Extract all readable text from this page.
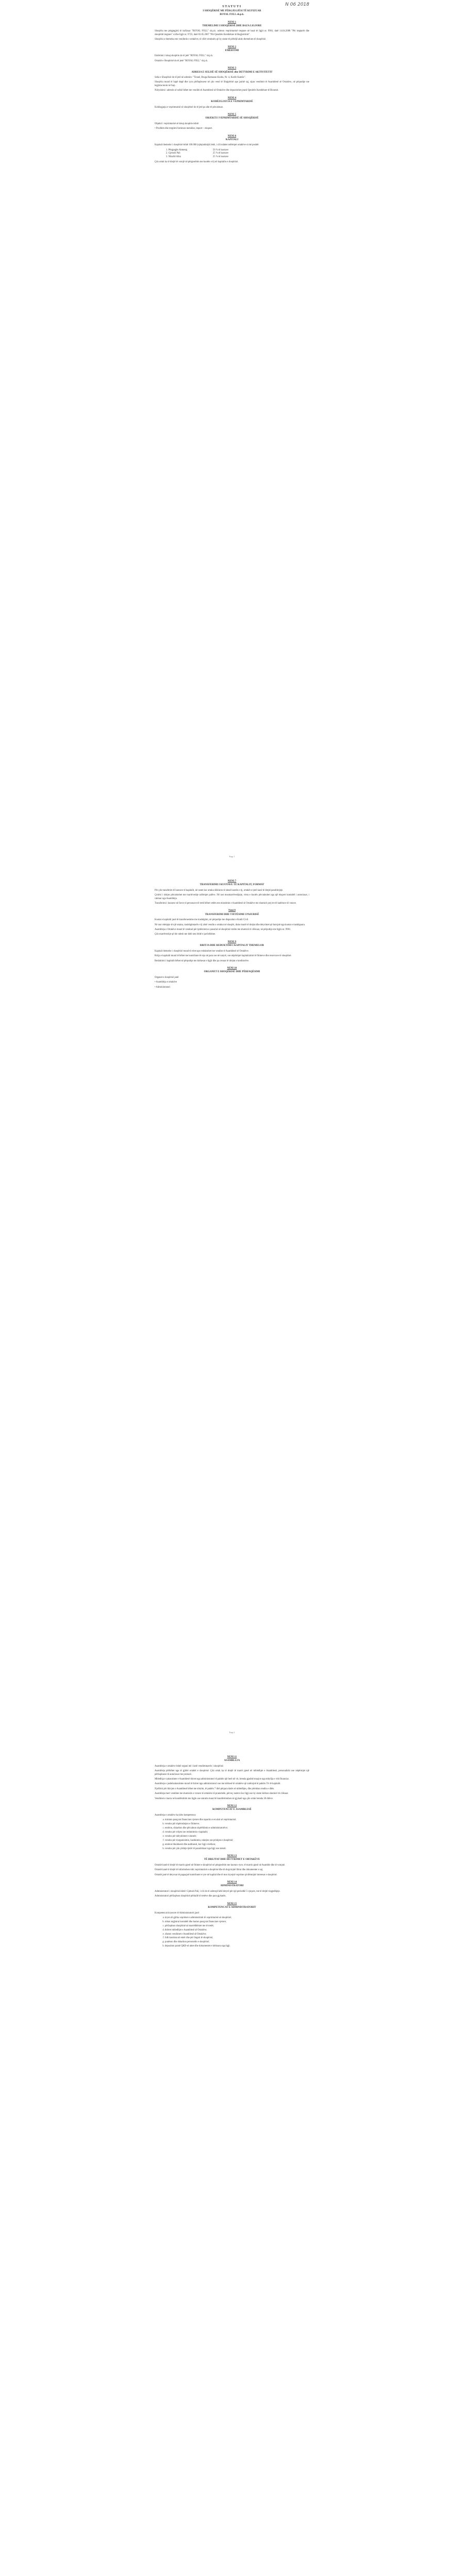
N 06 2018
STATUTI
I SHOQËRISË ME PËRGJEGJËSI TË KUFIZUAR
ROYAL FOLL sh.p.k.
NENI 1
THEMELIMI I SHOQËRISË DHE BAZA LIGJORE

Shoqëria me përgjegjësi të kufizuar "ROYAL FOLL" sh.p.k. ushtron veprimtarinë tregtare në bazë të ligjit nr. 9901, datë 14.04.2008 "Për tregtarët dhe shoqëritë tregtare" si dhe ligjit nr. 9723, datë 03.05.2007 "Për Qendrën Kombëtare të Regjistrimit".

Shoqëria u themelua me vendimin e ortakëve, të cilët vendosën që ky statut të përbëjë aktin themelues të shoqërisë.

NENI 2
EMËRTIMI

Emërtimi i kësaj shoqërie do të jetë "ROYAL FOLL" sh.p.k.

Ortakët e Shoqërisë do të jenë "ROYAL FOLL" sh.p.k.

NENI 3
ADRESA E SELISË SË SHOQËRISË dhe DETYRIMI E AKTIVITETIT

Selia e Shoqërisë do të jetë në adresën: "Tiranë, Rruga Ramazan Kodra, Nr. 4, Kodër Kamëz".

Shoqëria mund të hapë degë dhe zyra përfaqësuese në çdo vend të Shqipërisë apo jashtë saj, sipas vendimit të Asamblesë së Ortakëve, në përputhje me legjislacionin në fuqi.

Ndryshimi i adresës së selisë bëhet me vendim të Asamblesë së Ortakëve dhe depozitohet pranë Qendrës Kombëtare të Biznesit.

NENI 4
KOHËZGJATJA E VEPRIMTARISË

Kohëzgjatja e veprimtarisë së shoqërisë do të jetë pa afat të përcaktuar.

NENI 5
OBJEKTI I VEPRIMTARISË SË SHOQËRISË

Objekti i veprimtarisë së kësaj shoqërie është:

• Prodhim dhe tregtimi furnitura metalike, import – eksport.

NENI 6
KAPITALI

Kapitali themelor i shoqërisë është 100.000 (njëqindmijë) lekë, i cili ndahet ndërmjet ortakëve si më poshtë:

1. Përgjegjës Ahmetaj	50 % të kuotave
2. Gjetush Pali	25 % të kuotave
3. Nikollë Alku	25 % të kuotave

Çdo ortak ka të drejtë të votojë në përpjesëtim me kuotën e tij në kapitalin e shoqërisë.

Faqe 1
NENI 7
TRANSFERIMI I KUOTAVE TË KAPITALIT, FORMAT

Për çdo transferim të kuotave të kapitalit, në rastet kur ortaku dëshiron të shesë kuotën e tij, ortakët e tjerë kanë të drejtë parablerjeje.

Çmimi i shitjes përcaktohet me marrëveshje ndërmjet palëve. Në rast mosmarrëveshjeje, vlera e kuotës përcaktohet nga një ekspert kontabël i autorizuar, i caktuar nga Asambleja.

Transferimi i kuotave në favor të personave të tretë bëhet vetëm me miratimin e Asamblesë së Ortakëve me shumicë prej tre të katërtave të votave.

Neni 8
TRANSFERIMI DHE TJETËSIMI I PASURISË

Kuotat e kapitalit janë të transferueshme me trashëgimi, në përputhje me dispozitat e Kodit Civil.

Në rast vdekjeje të një ortaku, trashëgimtarët e tij zënë vendin e ortakut në shoqëri, duke marrë të drejtat dhe detyrimet që burojnë nga kuotat e trashëguara.

Asambleja e Ortakëve mund të vendosë për tjetërsimin e pasurisë së shoqërisë vetëm me shumicë të cilësuar, në përputhje me ligjin nr. 9901.

Çdo marrëveshje që bie ndesh me këtë nen është e pavlefshme.

NENI 9
RRITJA DHE REDUKTIMI I KAPITALIT THEMELOR

Kapitali themelor i shoqërisë mund të rritet apo reduktohet me vendim të Asamblesë së Ortakëve.

Rritja e kapitalit mund të bëhet me kontribute të reja në para ose në natyrë, ose nëpërmjet kapitalizimit të fitimeve dhe rezervave të shoqërisë.

Reduktimi i kapitalit bëhet në përputhje me kërkesat e ligjit dhe pa cenuar të drejtat e kreditorëve.

NENI 10
ORGANET E SHOQËRISË DHE PËRFAQËSIMI

Organet e shoqërisë janë:

• Asambleja e ortakëve

• Administratori

Faqe 2
NENI 11
ASAMBLEJA

Asambleja e ortakëve është organi më i lartë vendimmarrës i shoqërisë.

Asambleja përbëhet nga të gjithë ortakët e shoqërisë. Çdo ortak ka të drejtë të marrë pjesë në mbledhjet e Asamblesë, personalisht ose nëpërmjet një përfaqësuesi të autorizuar me prokurë.

Mbledhja e zakonshme e Asamblesë thirret nga administratori të paktën një herë në vit, brenda gjashtë muajve nga mbyllja e vitit financiar.

Asambleja e jashtëzakonshme mund të thirret nga administratori ose me kërkesë të ortakëve që zotërojnë të paktën 5% të kapitalit.

Njoftimi për thirrjen e Asamblesë bëhet me shkrim, të paktën 7 ditë përpara datës së mbledhjes, dhe përmban rendin e ditës.

Asambleja merr vendime me shumicën e votave të ortakëve të pranishëm, përveç rasteve kur ligji ose ky statut kërkon shumicë të cilësuar.

Vendimet e marra në kundërshtim me ligjin ose statutin mund të kundërshtohen në gjykatë nga çdo ortak brenda 30 ditëve.

NENI 12
KOMPETENCAT E ASAMBLESË

Asambleja e ortakëve ka këto kompetenca:

a. miraton pasqyrat financiare vjetore dhe raportin e ecurisë së veprimtarisë;
b. vendos për shpërndarjen e fitimeve;
c. emëron, shkarkon dhe përcakton shpërblimin e administratorëve;
d. vendos për rritjen ose reduktimin e kapitalit;
e. vendos për ndryshimet e statutit;
f. vendos për riorganizimin, bashkimin, ndarjen ose prishjen e shoqërisë;
g. emëron likuiduesit dhe audituesit, kur ligji e kërkon;
h. vendos për çdo çështje tjetër të parashikuar nga ligji ose statuti.
NENI 13
TË DREJTAT DHE DETYRIMET E ORTAKËVE

Ortakët kanë të drejtë të marrin pjesë në fitimet e shoqërisë në përpjesëtim me kuotat e tyre, të marrin pjesë në Asamble dhe të votojnë.

Ortakët kanë të drejtë të informohen mbi veprimtarinë e shoqërisë dhe të shqyrtojnë librat dhe dokumentet e saj.

Ortakët janë të detyruar të paguajnë kontributet e tyre në kapital dhe të mos kryejnë veprime që dëmtojnë interesat e shoqërisë.

NENI 14
ADMINISTRATORI

Administratori i shoqërisë është: Gjetush Pali, i cili do të ushtrojë këtë detyrë për një periudhë 5-vjeçare, me të drejtë rizgjedhjeje.

Administratori përfaqëson shoqërinë përballë të tretëve dhe para gjykatës.

NENI 15
KOMPETENCAT E ADMINISTRATORIT

Kompetencat kryesore të Administratorit janë:

a. kryen të gjitha veprimet e administrimit të veprimtarisë së shoqërisë;
b. mban regjistrat kontabël dhe harton pasqyrat financiare vjetore;
c. përfaqëson shoqërinë në marrëdhëniet me të tretët;
d. thërret mbledhjet e Asamblesë së Ortakëve;
e. zbaton vendimet e Asamblesë së Ortakëve;
f. lidh kontrata në emër dhe për llogari të shoqërisë;
g. punëson dhe shkarkon personelin e shoqërisë;
h. depoziton pranë QKB-së aktet dhe dokumentet e kërkuara nga ligji.
